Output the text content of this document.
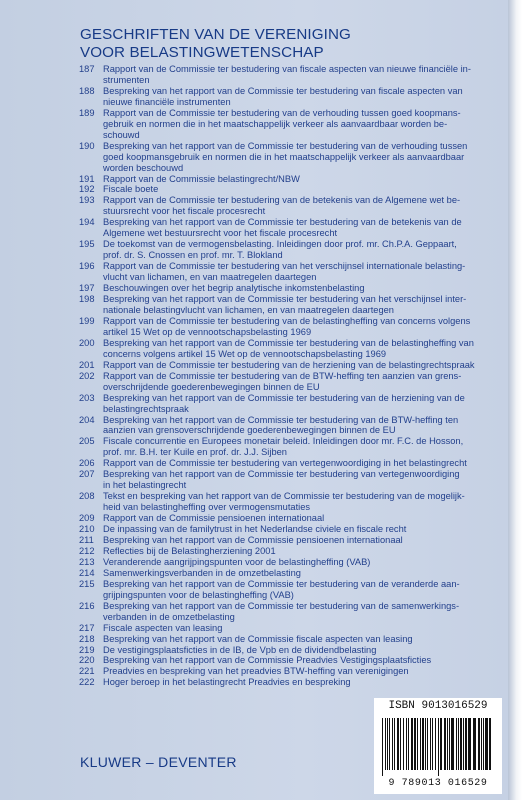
GESCHRIFTEN VAN DE VERENIGING
VOOR BELASTINGWETENSCHAP
187 Rapport van de Commissie ter bestudering van fiscale aspecten van nieuwe financiële in-
strumenten
188 Bespreking van het rapport van de Commissie ter bestudering van fiscale aspecten van
nieuwe financiële instrumenten
189 Rapport van de Commissie ter bestudering van de verhouding tussen goed koopmans-
gebruik en normen die in het maatschappelijk verkeer als aanvaardbaar worden be-
schouwd
190 Bespreking van het rapport van de Commissie ter bestudering van de verhouding tussen
goed koopmansgebruik en normen die in het maatschappelijk verkeer als aanvaardbaar
worden beschouwd
191 Rapport van de Commissie belastingrecht/NBW
192 Fiscale boete
193 Rapport van de Commissie ter bestudering van de betekenis van de Algemene wet be-
stuursrecht voor het fiscale procesrecht
194 Bespreking van het rapport van de Commissie ter bestudering van de betekenis van de
Algemene wet bestuursrecht voor het fiscale procesrecht
195 De toekomst van de vermogensbelasting. Inleidingen door prof. mr. Ch.P.A. Geppaart,
prof. dr. S. Cnossen en prof. mr. T. Blokland
196 Rapport van de Commissie ter bestudering van het verschijnsel internationale belasting-
vlucht van lichamen, en van maatregelen daartegen
197 Beschouwingen over het begrip analytische inkomstenbelasting
198 Bespreking van het rapport van de Commissie ter bestudering van het verschijnsel inter-
nationale belastingvlucht van lichamen, en van maatregelen daartegen
199 Rapport van de Commissie ter bestudering van de belastingheffing van concerns volgens
artikel 15 Wet op de vennootschapsbelasting 1969
200 Bespreking van het rapport van de Commissie ter bestudering van de belastingheffing van
concerns volgens artikel 15 Wet op de vennootschapsbelasting 1969
201 Rapport van de Commissie ter bestudering van de herziening van de belastingrechtspraak
202 Rapport van de Commissie ter bestudering van de BTW-heffing ten aanzien van grens-
overschrijdende goederenbewegingen binnen de EU
203 Bespreking van het rapport van de Commissie ter bestudering van de herziening van de
belastingrechtspraak
204 Bespreking van het rapport van de Commissie ter bestudering van de BTW-heffing ten
aanzien van grensoverschrijdende goederenbewegingen binnen de EU
205 Fiscale concurrentie en Europees monetair beleid. Inleidingen door mr. F.C. de Hosson,
prof. mr. B.H. ter Kuile en prof. dr. J.J. Sijben
206 Rapport van de Commissie ter bestudering van vertegenwoordiging in het belastingrecht
207 Bespreking van het rapport van de Commissie ter bestudering van vertegenwoordiging
in het belastingrecht
208 Tekst en bespreking van het rapport van de Commissie ter bestudering van de mogelijk-
heid van belastingheffing over vermogensmutaties
209 Rapport van de Commissie pensioenen internationaal
210 De inpassing van de familytrust in het Nederlandse civiele en fiscale recht
211 Bespreking van het rapport van de Commissie pensioenen internationaal
212 Reflecties bij de Belastingherziening 2001
213 Veranderende aangrijpingspunten voor de belastingheffing (VAB)
214 Samenwerkingsverbanden in de omzetbelasting
215 Bespreking van het rapport van de Commissie ter bestudering van de veranderde aan-
grijpingspunten voor de belastingheffing (VAB)
216 Bespreking van het rapport van de Commissie ter bestudering van de samenwerkings-
verbanden in de omzetbelasting
217 Fiscale aspecten van leasing
218 Bespreking van het rapport van de Commissie fiscale aspecten van leasing
219 De vestigingsplaatsficties in de IB, de Vpb en de dividendbelasting
220 Bespreking van het rapport van de Commissie Preadvies Vestigingsplaatsficties
221 Preadvies en bespreking van het preadvies BTW-heffing van verenigingen
222 Hoger beroep in het belastingrecht Preadvies en bespreking
KLUWER – DEVENTER
ISBN 9013016529
9 789013 016529
